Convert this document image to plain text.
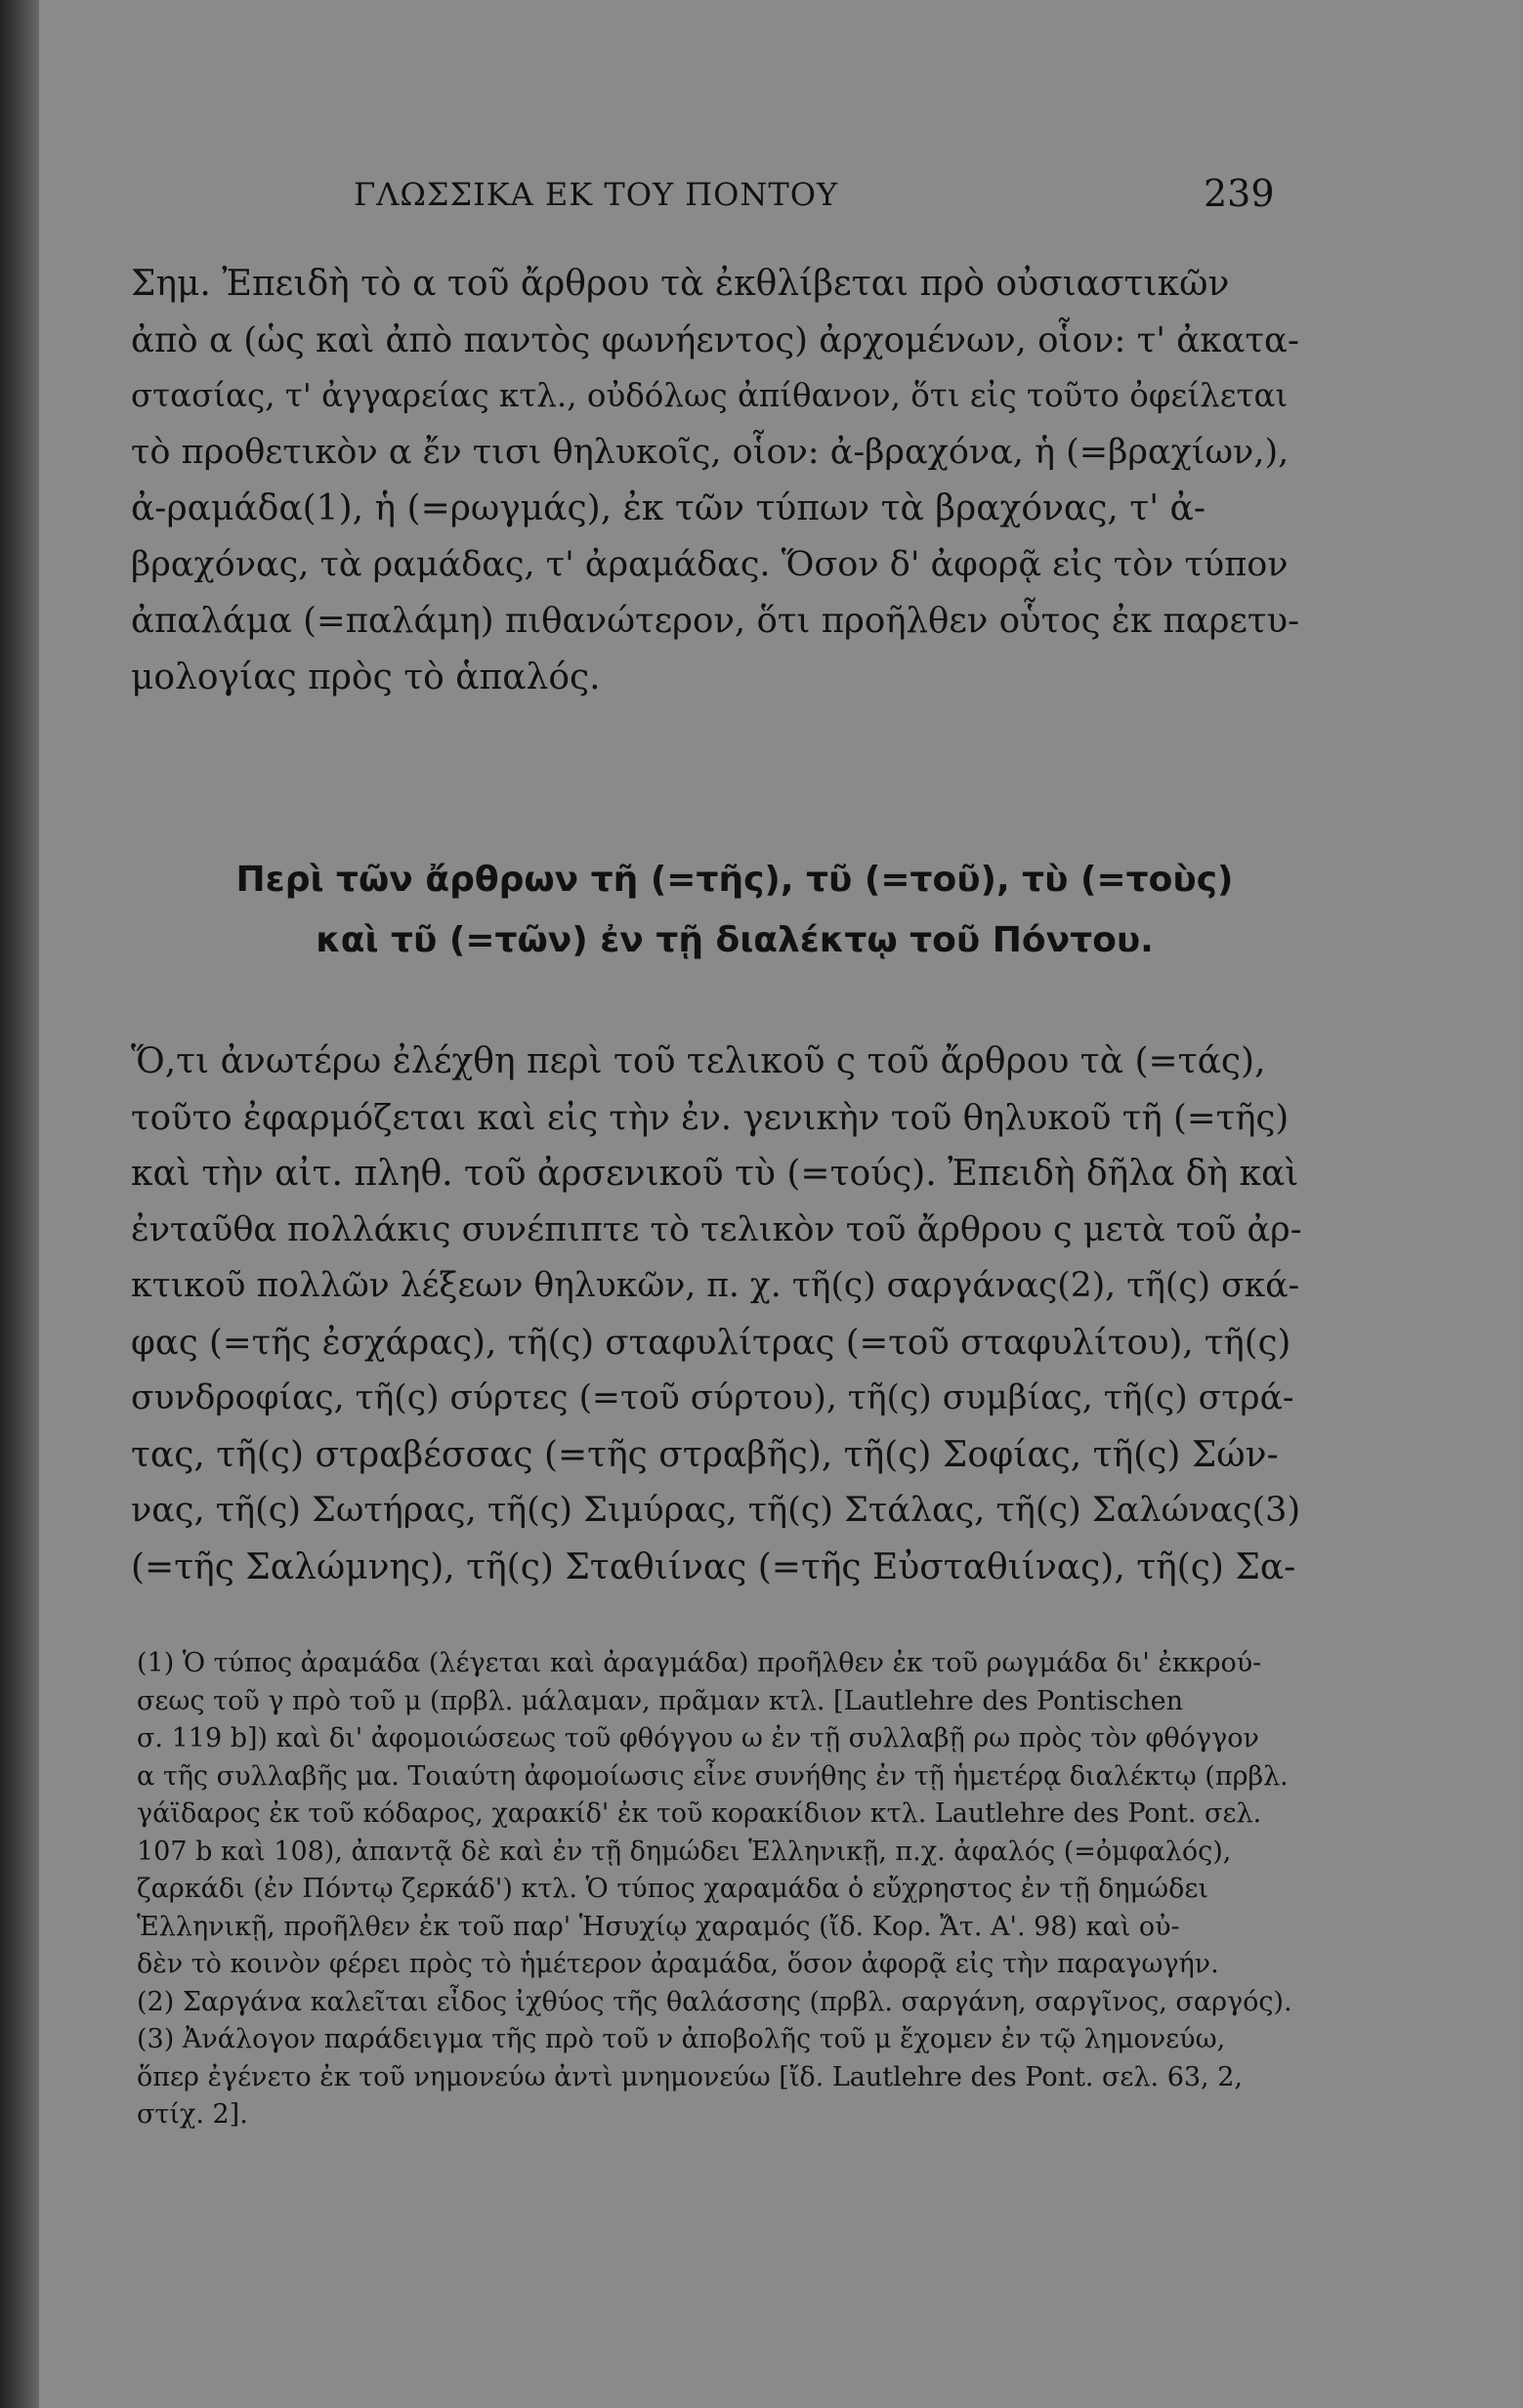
ΓΛΩΣΣΙΚΑ ΕΚ ΤΟΥ ΠΟΝΤΟΥ	239

Σημ. Ἐπειδὴ τὸ α τοῦ ἄρθρου τὰ ἐκθλίβεται πρὸ οὐσιαστικῶν
ἀπὸ α (ὡς καὶ ἀπὸ παντὸς φωνήεντος) ἀρχομένων, οἷον: τ' ἀκατα-
στασίας, τ' ἀγγαρείας κτλ., οὐδόλως ἀπίθανον, ὅτι εἰς τοῦτο ὀφείλεται
τὸ προθετικὸν α ἔν τισι θηλυκοῖς, οἷον: ἀ-βραχόνα, ἡ (=βραχίων,),
ἀ-ραμάδα(1), ἡ (=ρωγμάς), ἐκ τῶν τύπων τὰ βραχόνας, τ' ἀ-
βραχόνας, τὰ ραμάδας, τ' ἀραμάδας. Ὅσον δ' ἀφορᾷ εἰς τὸν τύπον
ἀπαλάμα (=παλάμη) πιθανώτερον, ὅτι προῆλθεν οὗτος ἐκ παρετυ-
μολογίας πρὸς τὸ ἁπαλός.

Περὶ τῶν ἄρθρων τῆ (=τῆς), τῦ (=τοῦ), τὺ (=τοὺς)
καὶ τῦ (=τῶν) ἐν τῇ διαλέκτῳ τοῦ Πόντου.

Ὅ,τι ἀνωτέρω ἐλέχθη περὶ τοῦ τελικοῦ ς τοῦ ἄρθρου τὰ (=τάς),
τοῦτο ἐφαρμόζεται καὶ εἰς τὴν ἐν. γενικὴν τοῦ θηλυκοῦ τῆ (=τῆς)
καὶ τὴν αἰτ. πληθ. τοῦ ἀρσενικοῦ τὺ (=τούς). Ἐπειδὴ δῆλα δὴ καὶ
ἐνταῦθα πολλάκις συνέπιπτε τὸ τελικὸν τοῦ ἄρθρου ς μετὰ τοῦ ἀρ-
κτικοῦ πολλῶν λέξεων θηλυκῶν, π. χ. τῆ(ς) σαργάνας(2), τῆ(ς) σκά-
φας (=τῆς ἐσχάρας), τῆ(ς) σταφυλίτρας (=τοῦ σταφυλίτου), τῆ(ς)
συνδροφίας, τῆ(ς) σύρτες (=τοῦ σύρτου), τῆ(ς) συμβίας, τῆ(ς) στρά-
τας, τῆ(ς) στραβέσσας (=τῆς στραβῆς), τῆ(ς) Σοφίας, τῆ(ς) Σών-
νας, τῆ(ς) Σωτήρας, τῆ(ς) Σιμύρας, τῆ(ς) Στάλας, τῆ(ς) Σαλώνας(3)
(=τῆς Σαλώμνης), τῆ(ς) Σταθιίνας (=τῆς Εὐσταθιίνας), τῆ(ς) Σα-

(1) Ὁ τύπος ἀραμάδα (λέγεται καὶ ἀραγμάδα) προῆλθεν ἐκ τοῦ ρωγμάδα δι' ἐκκρού-
σεως τοῦ γ πρὸ τοῦ μ (πρβλ. μάλαμαν, πρᾶμαν κτλ. [Lautlehre des Pontischen
σ. 119 b]) καὶ δι' ἀφομοιώσεως τοῦ φθόγγου ω ἐν τῇ συλλαβῇ ρω πρὸς τὸν φθόγγον
α τῆς συλλαβῆς μα. Τοιαύτη ἀφομοίωσις εἶνε συνήθης ἐν τῇ ἡμετέρᾳ διαλέκτῳ (πρβλ.
γάϊδαρος ἐκ τοῦ κόδαρος, χαρακίδ' ἐκ τοῦ κορακίδιον κτλ. Lautlehre des Pont. σελ.
107 b καὶ 108), ἀπαντᾷ δὲ καὶ ἐν τῇ δημώδει Ἑλληνικῇ, π.χ. ἀφαλός (=ὀμφαλός),
ζαρκάδι (ἐν Πόντῳ ζερκάδ') κτλ. Ὁ τύπος χαραμάδα ὁ εὔχρηστος ἐν τῇ δημώδει
Ἑλληνικῇ, προῆλθεν ἐκ τοῦ παρ' Ἡσυχίῳ χαραμός (ἴδ. Κορ. Ἄτ. Α'. 98) καὶ οὐ-
δὲν τὸ κοινὸν φέρει πρὸς τὸ ἡμέτερον ἀραμάδα, ὅσον ἀφορᾷ εἰς τὴν παραγωγήν.
(2) Σαργάνα καλεῖται εἶδος ἰχθύος τῆς θαλάσσης (πρβλ. σαργάνη, σαργῖνος, σαργός).
(3) Ἀνάλογον παράδειγμα τῆς πρὸ τοῦ ν ἀποβολῆς τοῦ μ ἔχομεν ἐν τῷ λημονεύω,
ὅπερ ἐγένετο ἐκ τοῦ νημονεύω ἀντὶ μνημονεύω [ἴδ. Lautlehre des Pont. σελ. 63, 2,
στίχ. 2].
